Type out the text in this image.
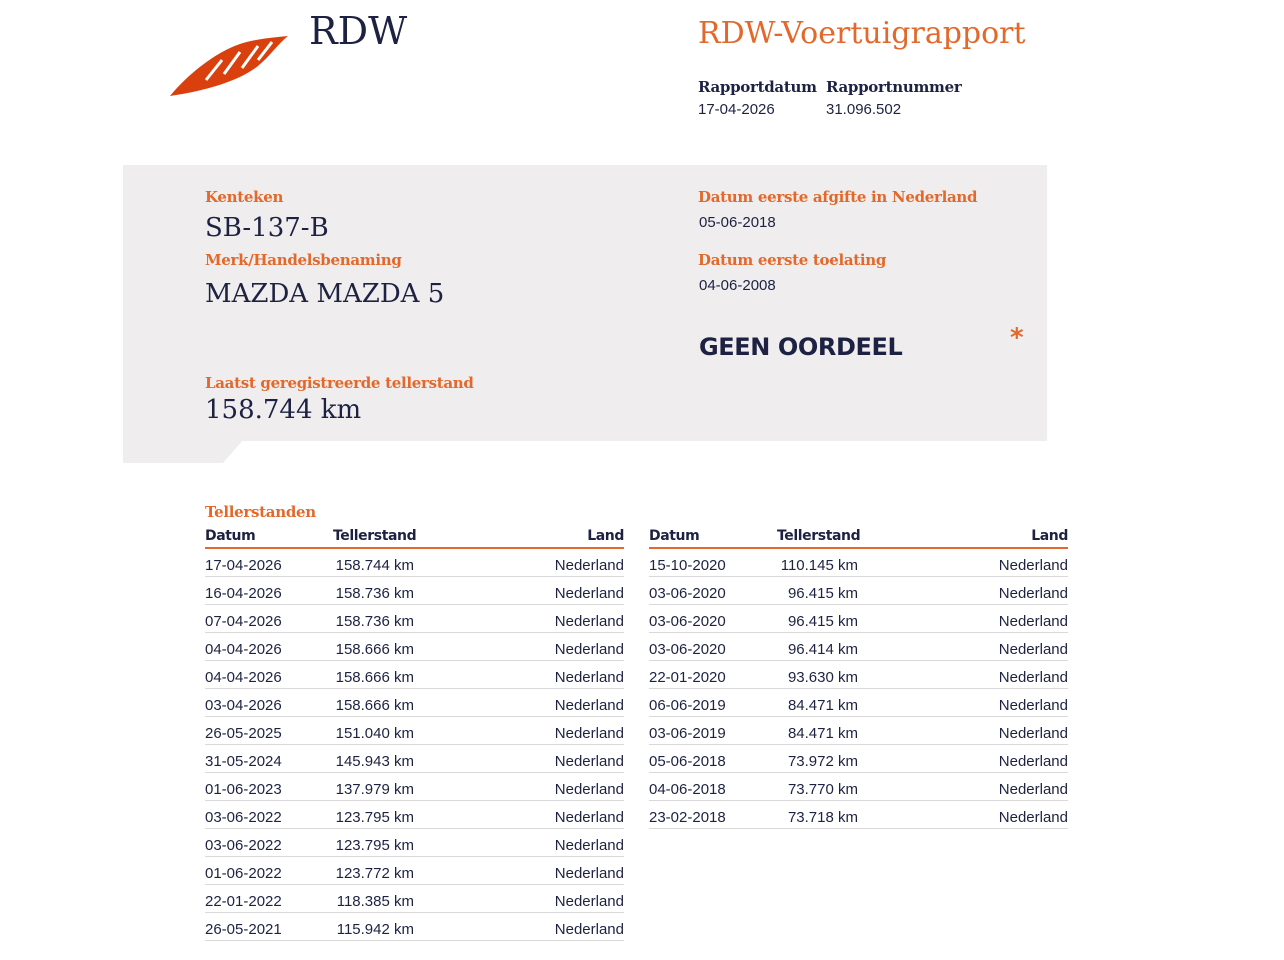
RDW	RDW-Voertuigrapport
Rapportdatum
17-04-2026
Rapportnummer
31.096.502
Kenteken
SB-137-B
Merk/Handelsbenaming
MAZDA MAZDA 5
Laatst geregistreerde tellerstand
158.744 km
Datum eerste afgifte in Nederland
05-06-2018
Datum eerste toelating
04-06-2008
GEEN OORDEEL	*
Tellerstanden
Datum	Tellerstand	Land
17-04-2026	158.744 km	Nederland
16-04-2026	158.736 km	Nederland
07-04-2026	158.736 km	Nederland
04-04-2026	158.666 km	Nederland
04-04-2026	158.666 km	Nederland
03-04-2026	158.666 km	Nederland
26-05-2025	151.040 km	Nederland
31-05-2024	145.943 km	Nederland
01-06-2023	137.979 km	Nederland
03-06-2022	123.795 km	Nederland
03-06-2022	123.795 km	Nederland
01-06-2022	123.772 km	Nederland
22-01-2022	118.385 km	Nederland
26-05-2021	115.942 km	Nederland
Datum	Tellerstand	Land
15-10-2020	110.145 km	Nederland
03-06-2020	96.415 km	Nederland
03-06-2020	96.415 km	Nederland
03-06-2020	96.414 km	Nederland
22-01-2020	93.630 km	Nederland
06-06-2019	84.471 km	Nederland
03-06-2019	84.471 km	Nederland
05-06-2018	73.972 km	Nederland
04-06-2018	73.770 km	Nederland
23-02-2018	73.718 km	Nederland
